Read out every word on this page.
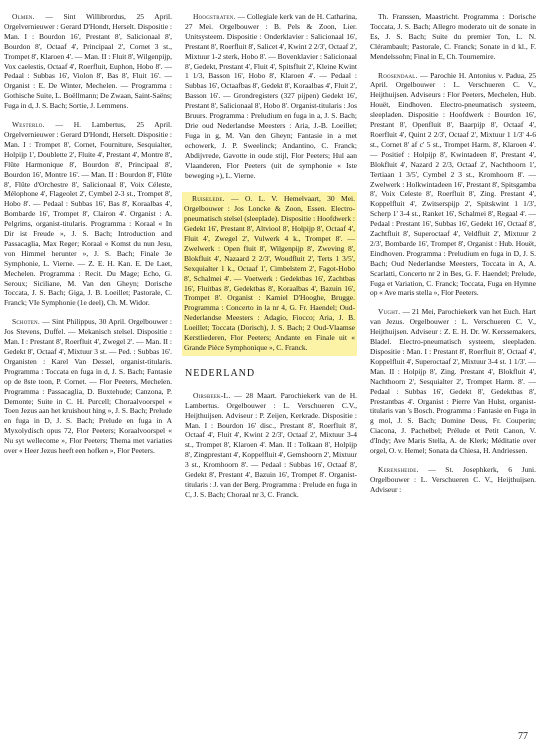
Olmen. — Sint Willibrordus, 25 April. Orgelvernieuwer : Gerard D'Hondt, Herselt. Dispositie : Man. I : Bourdon 16', Prestant 8', Salicionaal 8', Bourdon 8', Octaaf 4', Principaal 2', Cornet 3 st., Trompet 8', Klaroen 4'. — Man. II : Fluit 8', Wilgenpijp, Vox caelestis, Octaaf 4', Roerfluit, Euphon, Hobo 8'. — Pedaal : Subbas 16', Violon 8', Bas 8', Fluit 16'. — Organist : E. De Winter, Mechelen. — Programma : Gothische Suite, L. Boëllmann; De Zwaan, Saint-Saëns; Fuga in d, J. S. Bach; Sortie, J. Lemmens.
Westerlo. — H. Lambertus, 25 April. Orgelvernieuwer : Gerard D'Hondt, Herselt. Dispositie : Man. I : Trompet 8', Cornet, Fourniture, Sesquialter, Holpijp 1', Doublette 2', Fluite 4', Prestant 4', Montre 8', Flûte Harmonique 8', Bourdon 8', Principaal 8', Bourdon 16', Montre 16'. — Man. II : Bourdon 8', Flûte 8', Flûte d'Orchestre 8', Salicionaal 8', Voix Céleste, Mélophone 4', Flageolet 2', Cymbel 2-3 st., Trompet 8', Hobo 8'. — Pedaal : Subbas 16', Bas 8', Koraalbas 4', Bombarde 16', Trompet 8', Clairon 4'. Organist : A. Pelgrims, organist-titularis. Programma : Koraal « In Dir ist Freude », J. S. Bach; Introduction and Passacaglia, Max Reger; Koraal « Komst du nun Jesu, von Himmel herunter », J. S. Bach; Finale 3e Symphonie, L. Vierne. — Z. E. H. Kan. E. De Laet, Mechelen. Programma : Recit. Du Mage; Echo, G. Seroux; Siciliane, M. Van den Gheyn; Dorische Toccata, J. S. Bach; Giga, J. B. Loeillet; Pastorale, C. Franck; VIe Symphonie (1e deel), Ch. M. Widor.
Schoten. — Sint Philippus, 30 April. Orgelbouwer : Jos Stevens, Duffel. — Mekanisch stelsel. Dispositie : Man. I : Prestant 8', Roerfluit 4', Zwegel 2'. — Man. II : Gedekt 8', Octaaf 4', Mixtuur 3 st. — Ped. : Subbas 16'. Organisten : Karel Van Dessel, organist-titularis. Programma : Toccata en fuga in d, J. S. Bach; Fantasie op de 8ste toon, P. Cornet. — Flor Peeters, Mechelen. Programma : Passacaglia, D. Buxtehude; Canzona, P. Demonte; Suite in C. H. Purcell; Choraalvoorspel « Toen Jezus aan het kruishout hing », J. S. Bach; Prelude en fuga in D, J. S. Bach; Prelude en fuga in A Myxolydisch opus 72, Flor Peeters; Koraalvoorspel « Nu syt wellecome », Flor Peeters; Thema met variaties over « Heer Jezus heeft een hofken », Flor Peeters.
Hoogstraten. — Collegiale kerk van de H. Catharina, 27 Mei. Orgelbouwer : B. Pels & Zoon, Lier. Unitsysteem. Dispositie : Onderklavier : Salicionaal 16', Prestant 8', Roerfluit 8', Salicet 4', Kwint 2 2/3', Octaaf 2', Mixtuur 1-2 sterk, Hobo 8'. — Bovenklavier : Salicionaal 8', Gedekt, Prestant 4', Fluit 4', Spitsfluit 2', Kleine Kwint 1 1/3, Basson 16', Hobo 8', Klaroen 4'. — Pedaal : Subbas 16', Octaafbas 8', Gedekt 8', Koraalbas 4', Fluit 2', Basson 16'. — Grondregisters (327 pijpen) Gedekt 16', Prestant 8', Salicionaal 8', Hobo 8'. Organist-titularis : Jos Bruurs. Programma : Preludium en fuga in a, J. S. Bach; Drie oud Nederlandse Meesters : Aria, J.-B. Loeillet; Fuga in g, M. Van den Gheyn; Fantasie in a met echowerk, J. P. Sweelinck; Andantino, C. Franck; Abdijvrede, Gavotte in oude stijl, Flor Peeters; Hul aan Vlaanderen, Flor Peeters (uit de symphonie « Iste beweging »), L. Vierne.
Ruiselede. — O. L. V. Hemelvaart, 30 Mei. Orgelbouwer : Jos Loncke & Zoon, Essen. Electro-pneumatisch stelsel (sleeplade). Dispositie : Hoofdwerk : Gedekt 16', Prestant 8', Altviool 8', Holpijp 8', Octaaf 4', Fluit 4', Zwegel 2', Vulwerk 4 k., Trompet 8'. — Zwelwerk : Open fluit 8', Wilgenpijp 8', Zweving 8', Blokfluit 4', Nazaard 2 2/3', Woudfluit 2', Terts 1 3/5', Sexquialter 1 k., Octaaf 1', Cimbelstem 2', Fagot-Hobo 8', Schalmei 4'. — Voetwerk : Gedektbas 16', Zachtbas 16', Fluitbas 8', Gedektbas 8', Koraalbas 4', Bazuin 16', Trompet 8'. Organist : Kamiel D'Hooghe, Brugge. Programma : Concerto in la nr 4, G. Fr. Haendel; Oud-Nederlandse Meesters : Adagio, Fiocco; Aria, J. B. Loeillet; Toccata (Dorisch), J. S. Bach; 2 Oud-Vlaamse Kerstliederen, Flor Peeters; Andante en Finale uit « Grande Pièce Symphonique », C. Franck.
NEDERLAND
Oirsbeek-L. — 28 Maart. Parochiekerk van de H. Lambertus. Orgelbouwer : L. Verschueren C.V., Heijthuijsen. Adviseur : P. Zeijen, Kerkrade. Dispositie : Man. I : Bourdon 16' disc., Prestant 8', Roerfluit 8', Octaaf 4', Fluit 4', Kwint 2 2/3', Octaaf 2', Mixtuur 3-4 st., Trompet 8', Klaroen 4'. Man. II : Tolkaan 8', Holpijp 8', Zingprestant 4', Koppelfluit 4', Gemshoorn 2', Mixtuur 3 st., Kromhoorn 8'. — Pedaal : Subbas 16', Octaaf 8', Gedekt 8', Prestant 4', Bazuin 16', Trompet 8'. Organist-titularis : J. van der Berg. Programma : Prelude en fuga in C, J. S. Bach; Choraal nr 3, C. Franck.
Th. Franssen, Maastricht. Programma : Dorische Toccata, J. S. Bach; Allegro moderato uit de sonate in Es, J. S. Bach; Suite du premier Ton, L. N. Clérambault; Pastorale, C. Franck; Sonate in d kl., F. Mendelssohn; Final in E, Ch. Tournemire.
Roosendaal. — Parochie H. Antonius v. Padua, 25 April. Orgelbouwer : L. Verschueren C. V., Heijthuijsen. Adviseurs : Flor Peeters, Mechelen, Hub. Houët, Eindhoven. Electro-pneumatisch systeem, sleepladen. Dispositie : Hoofdwerk : Bourdon 16', Prestant 8', Openfluit 8', Baarpijp 8', Octaaf 4', Roerfluit 4', Quint 2 2/3', Octaaf 2', Mixtuur 1 1/3' 4-6 st., Cornet 8' af c' 5 st., Trompet Harm. 8', Klaroen 4'. — Positief : Holpijp 8', Kwintadeen 8', Prestant 4', Blokfluit 4', Nazard 2 2/3, Octaaf 2', Nachthoorn 1', Tertiaan 1 3/5', Cymbel 2 3 st., Kromhoorn 8'. — Zwelwerk : Holkwintadeen 16', Prestant 8', Spitsgamba 8', Voix Celeste 8', Roerfluit 8', Zing. Prestant 4', Koppelfluit 4', Zwitserspijp 2', Spitskwint 1 1/3', Scherp 1' 3-4 st., Ranket 16', Schalmei 8', Regaal 4'. — Pedaal : Prestant 16', Subbas 16', Gedekt 16', Octaaf 8', Zachtfluit 8', Superoctaaf 4', Veldfluit 2', Mixtuur 2 2/3', Bombarde 16', Trompet 8', Organist : Hub. Houët, Eindhoven. Programma : Preludium en fuga in D, J. S. Bach; Oud Nederlandse Meesters, Toccata in A, A. Scarlatti, Concerto nr 2 in Bes, G. F. Haendel; Prelude, Fuga et Variation, C. Franck; Toccata, Fuga en Hymne op « Ave maris stella », Flor Peeters.
Vught. — 21 Mei, Parochiekerk van het Euch. Hart van Jezus. Orgelbouwer : L. Verschueren C. V., Heijthuijsen. Adviseur : Z. E. H. Dr. W. Kerssemakers, Bladel. Electro-pneumatisch systeem, sleepladen. Dispositie : Man. I : Prestant 8', Roerfluit 8', Octaaf 4', Koppelfluit 4', Superoctaaf 2', Mixtuur 3-4 st. 1 1/3'. — Man. II : Holpijp 8', Zing. Prestant 4', Blokfluit 4', Nachthoorn 2', Sesquialter 2', Trompet Harm. 8'. — Pedaal : Subbas 16', Gedekt 8', Gedektbas 8', Prestantbas 4'. Organist : Pierre Van Hulst, organist-titularis van 's Bosch. Programma : Fantasie en Fuga in g mol, J. S. Bach; Domine Deus, Fr. Couperin; Ciacona, J. Pachelbel; Prélude et Petit Canon, V. d'Indy; Ave Maris Stella, A. de Klerk; Méditatie over orgel, O. v. Hemel; Sonata da Chiesa, H. Andriessen.
Kerensheide. — St. Josephkerk, 6 Juni. Orgelbouwer : L. Verschueren C. V., Heijthuijsen. Adviseur :
77
